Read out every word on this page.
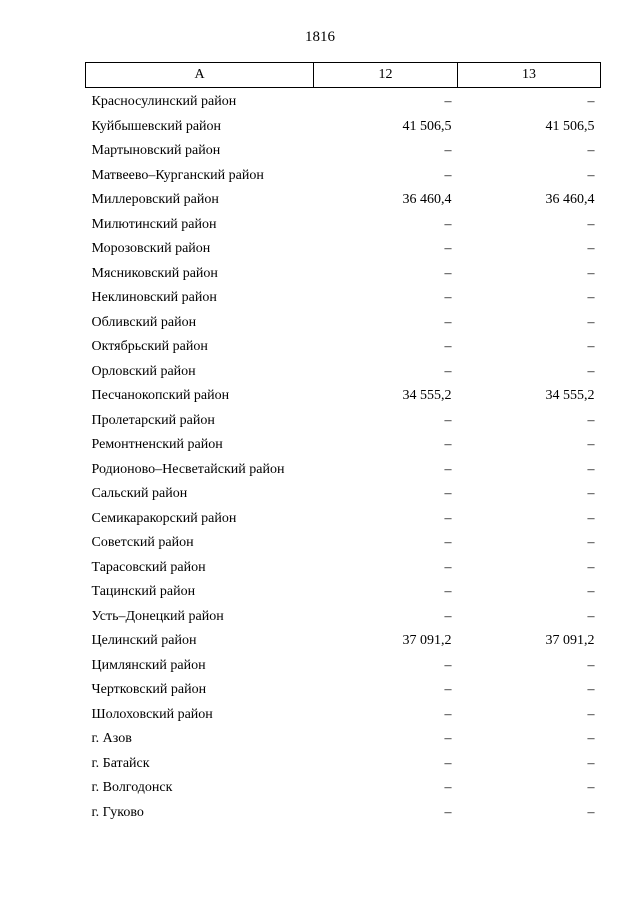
1816
А	12	13
Красносулинский район	–	–
Куйбышевский район	41 506,5	41 506,5
Мартыновский район	–	–
Матвеево–Курганский район	–	–
Миллеровский район	36 460,4	36 460,4
Милютинский район	–	–
Морозовский район	–	–
Мясниковский район	–	–
Неклиновский район	–	–
Обливский район	–	–
Октябрьский район	–	–
Орловский район	–	–
Песчанокопский район	34 555,2	34 555,2
Пролетарский район	–	–
Ремонтненский район	–	–
Родионово–Несветайский район	–	–
Сальский район	–	–
Семикаракорский район	–	–
Советский район	–	–
Тарасовский район	–	–
Тацинский район	–	–
Усть–Донецкий район	–	–
Целинский район	37 091,2	37 091,2
Цимлянский район	–	–
Чертковский район	–	–
Шолоховский район	–	–
г. Азов	–	–
г. Батайск	–	–
г. Волгодонск	–	–
г. Гуково	–	–
